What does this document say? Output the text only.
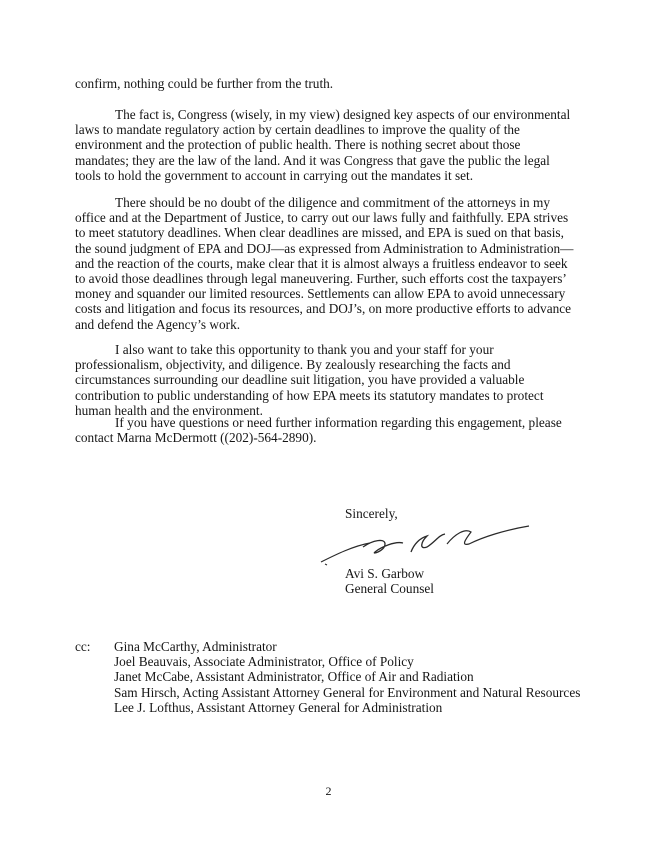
confirm, nothing could be further from the truth.

The fact is, Congress (wisely, in my view) designed key aspects of our environmental laws to mandate regulatory action by certain deadlines to improve the quality of the environment and the protection of public health. There is nothing secret about those mandates; they are the law of the land. And it was Congress that gave the public the legal tools to hold the government to account in carrying out the mandates it set.

There should be no doubt of the diligence and commitment of the attorneys in my office and at the Department of Justice, to carry out our laws fully and faithfully. EPA strives to meet statutory deadlines. When clear deadlines are missed, and EPA is sued on that basis, the sound judgment of EPA and DOJ—as expressed from Administration to Administration—and the reaction of the courts, make clear that it is almost always a fruitless endeavor to seek to avoid those deadlines through legal maneuvering. Further, such efforts cost the taxpayers’ money and squander our limited resources. Settlements can allow EPA to avoid unnecessary costs and litigation and focus its resources, and DOJ’s, on more productive efforts to advance and defend the Agency’s work.

I also want to take this opportunity to thank you and your staff for your professionalism, objectivity, and diligence. By zealously researching the facts and circumstances surrounding our deadline suit litigation, you have provided a valuable contribution to public understanding of how EPA meets its statutory mandates to protect human health and the environment.

If you have questions or need further information regarding this engagement, please contact Marna McDermott ((202)-564-2890).

Sincerely,

Avi S. Garbow

General Counsel

cc: Gina McCarthy, Administrator
Joel Beauvais, Associate Administrator, Office of Policy
Janet McCabe, Assistant Administrator, Office of Air and Radiation
Sam Hirsch, Acting Assistant Attorney General for Environment and Natural Resources
Lee J. Lofthus, Assistant Attorney General for Administration
2
